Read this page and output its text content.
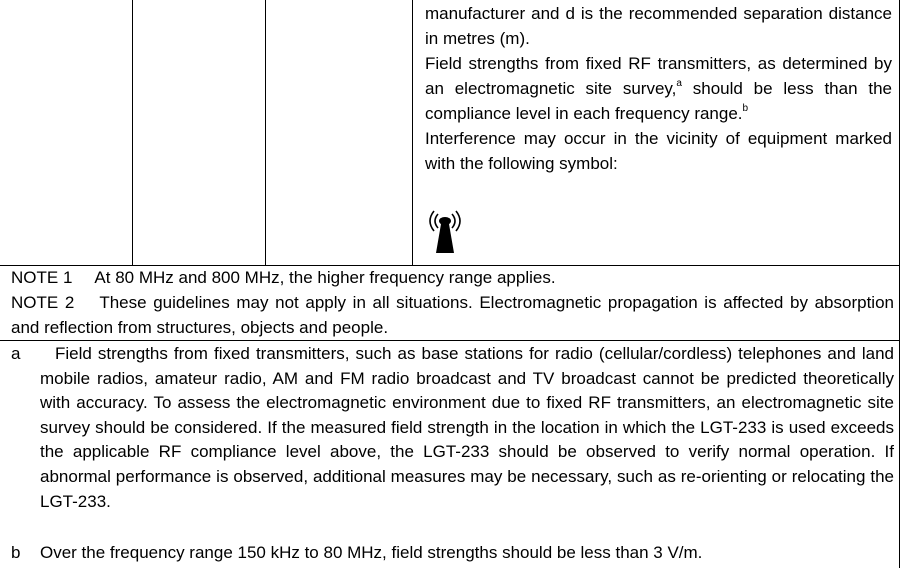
manufacturer and d is the recommended separation distance in metres (m).

Field strengths from fixed RF transmitters, as determined by an electromagnetic site survey,$^a$ should be less than the compliance level in each frequency range.$^b$

Interference may occur in the vicinity of equipment marked with the following symbol:

NOTE 1 At 80 MHz and 800 MHz, the higher frequency range applies.

NOTE 2 These guidelines may not apply in all situations. Electromagnetic propagation is affected by absorption and reflection from structures, objects and people.

a	Field strengths from fixed transmitters, such as base stations for radio (cellular/cordless) telephones and land mobile radios, amateur radio, AM and FM radio broadcast and TV broadcast cannot be predicted theoretically with accuracy. To assess the electromagnetic environment due to fixed RF transmitters, an electromagnetic site survey should be considered. If the measured field strength in the location in which the LGT-233 is used exceeds the applicable RF compliance level above, the LGT-233 should be observed to verify normal operation. If abnormal performance is observed, additional measures may be necessary, such as re-orienting or relocating the LGT-233.
b Over the frequency range 150 kHz to 80 MHz, field strengths should be less than 3 V/m.
